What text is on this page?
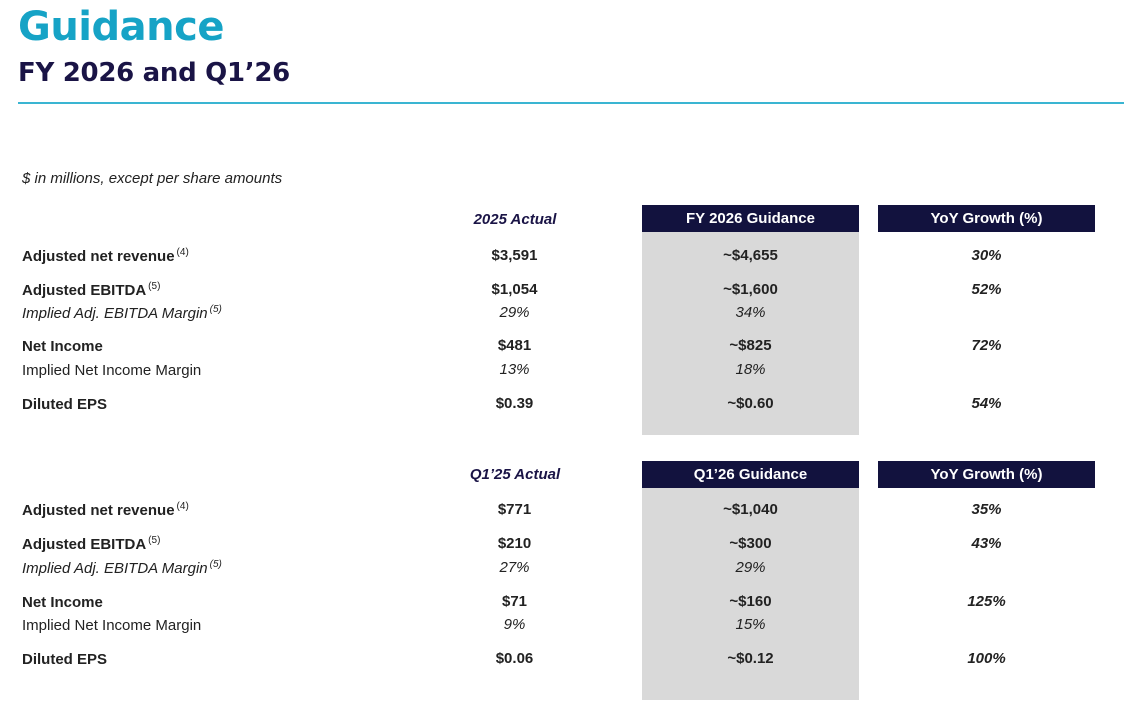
Guidance
FY 2026 and Q1’26
$ in millions, except per share amounts
2025 Actual	FY 2026 Guidance	YoY Growth (%)
Adjusted net revenue $^{(4)}$	$3,591	~$4,655	30%
Adjusted EBITDA $^{(5)}$	$1,054	~$1,600	52%
Implied Adj. EBITDA Margin $^{(5)}$	29%	34%
Net Income	$481	~$825	72%
Implied Net Income Margin	13%	18%
Diluted EPS	$0.39	~$0.60	54%
Q1’25 Actual	Q1’26 Guidance	YoY Growth (%)
Adjusted net revenue $^{(4)}$	$771	~$1,040	35%
Adjusted EBITDA $^{(5)}$	$210	~$300	43%
Implied Adj. EBITDA Margin $^{(5)}$	27%	29%
Net Income	$71	~$160	125%
Implied Net Income Margin	9%	15%
Diluted EPS	$0.06	~$0.12	100%
